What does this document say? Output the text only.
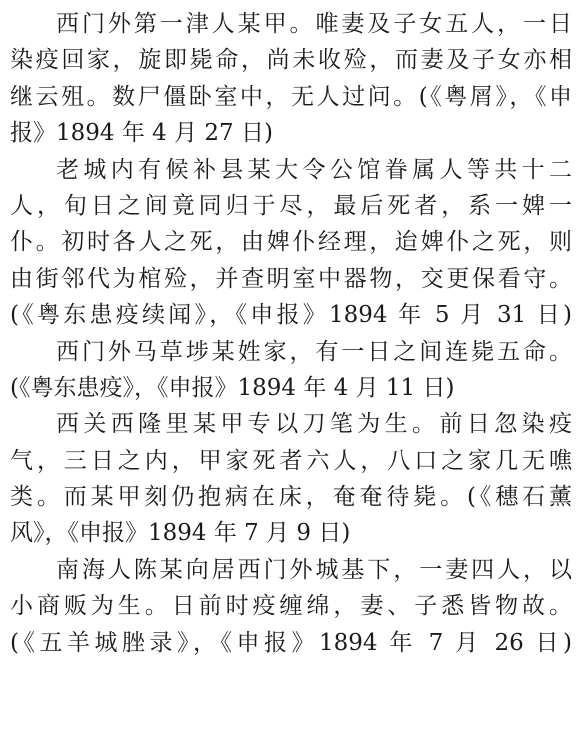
西门外第一津人某甲。唯妻及子女五人，一日
染疫回家，旋即毙命，尚未收殓，而妻及子女亦相
继云殂。数尸僵卧室中，无人过问。(《粤屑》，《申
报》1894 年 4 月 27 日)
老城内有候补县某大令公馆眷属人等共十二
人，旬日之间竟同归于尽，最后死者，系一婢一
仆。初时各人之死，由婢仆经理，迨婢仆之死，则
由街邻代为棺殓，并查明室中器物，交更保看守。
(《粤东患疫续闻》，《申报》1894 年 5 月 31 日)
西门外马草埗某姓家，有一日之间连毙五命。
(《粤东患疫》，《申报》1894 年 4 月 11 日)
西关西隆里某甲专以刀笔为生。前日忽染疫
气，三日之内，甲家死者六人，八口之家几无噍
类。而某甲刻仍抱病在床，奄奄待毙。(《穗石薰
风》，《申报》1894 年 7 月 9 日)
南海人陈某向居西门外城基下，一妻四人，以
小商贩为生。日前时疫缠绵，妻、子悉皆物故。
(《五羊城脞录》，《申报》1894 年 7 月 26 日)
